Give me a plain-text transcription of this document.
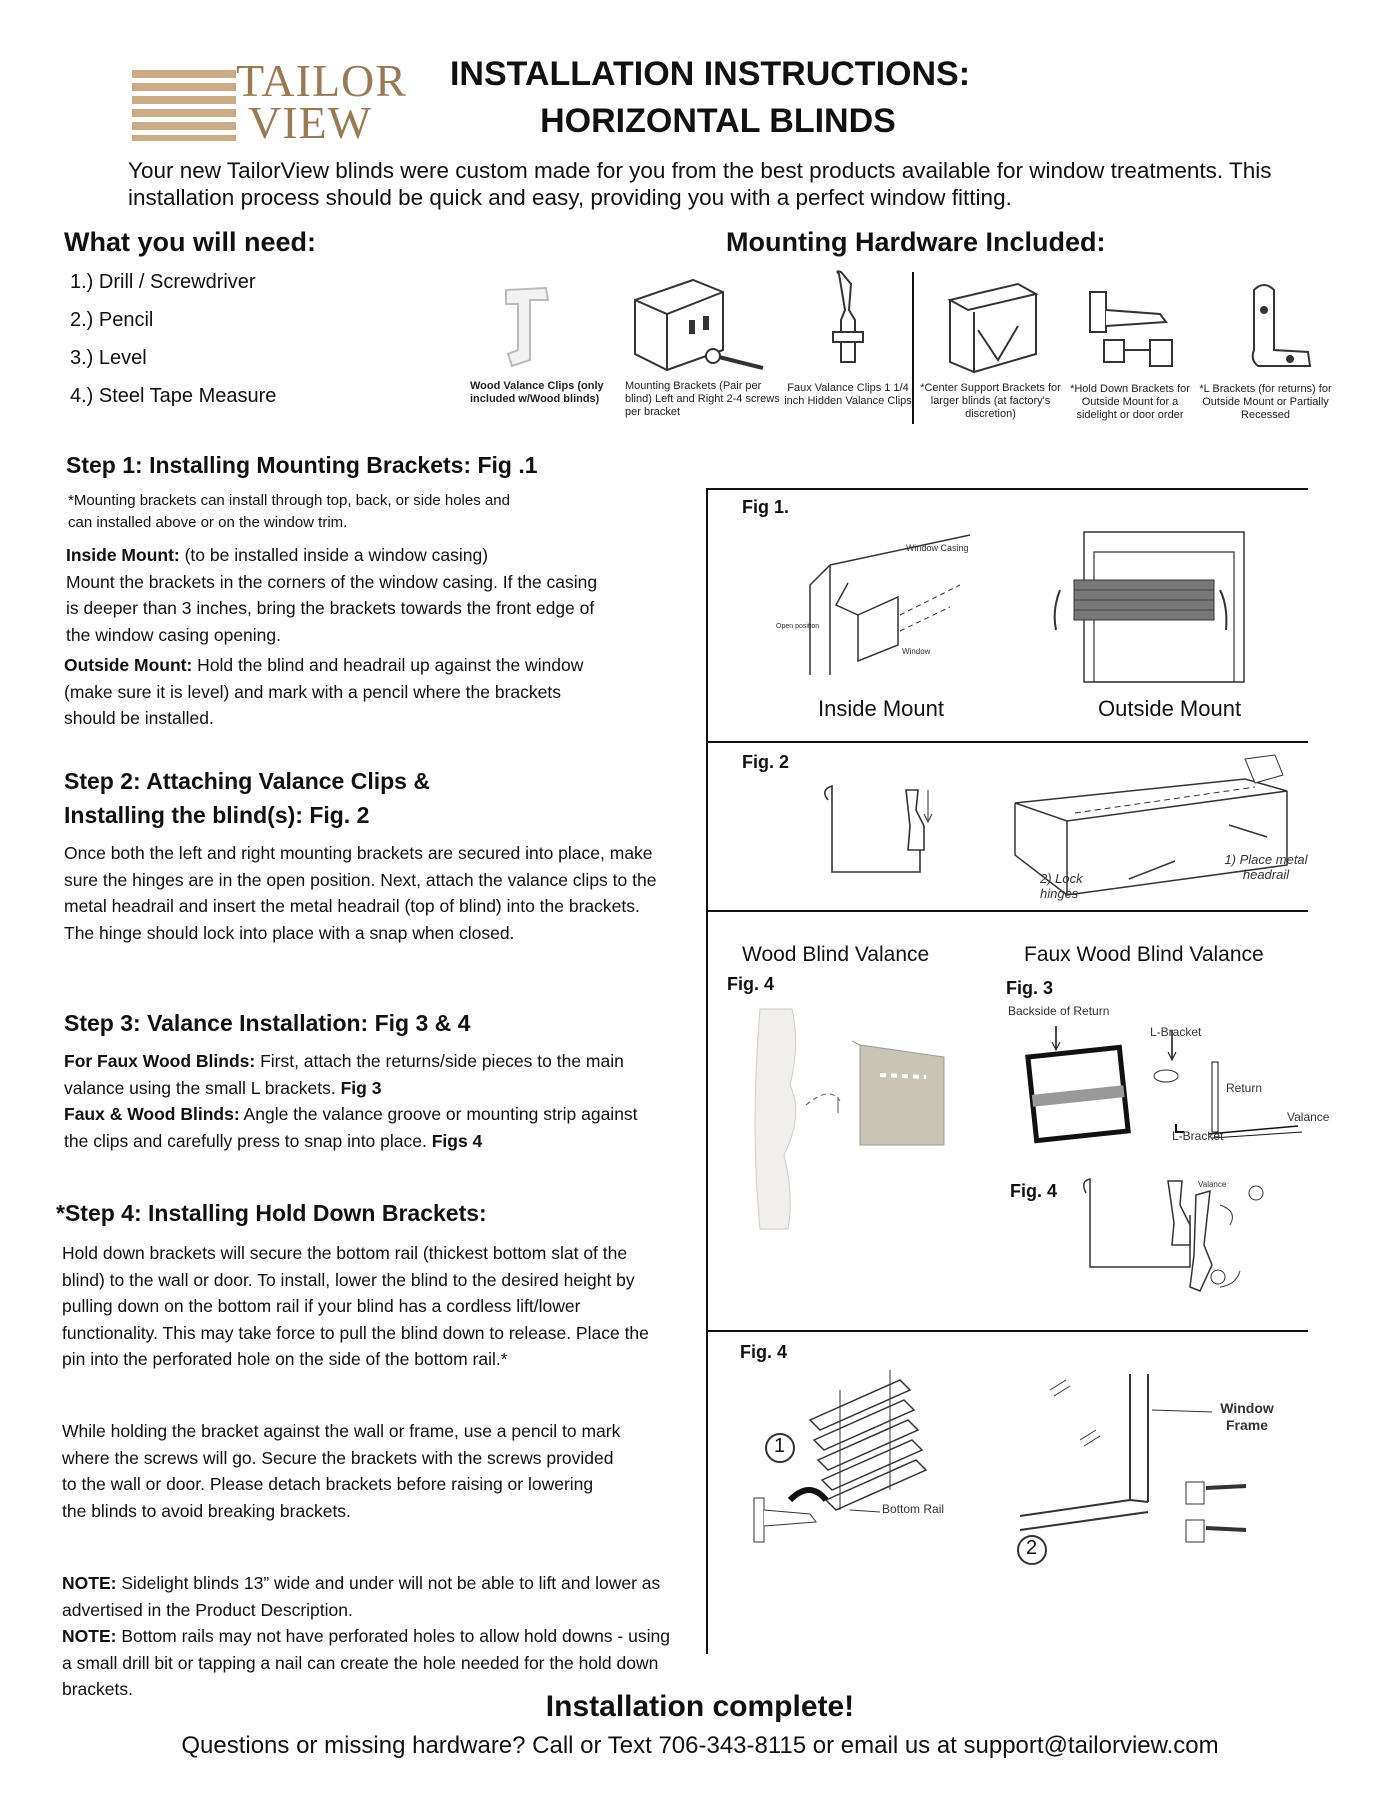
TAILOR
VIEW
INSTALLATION INSTRUCTIONS:
HORIZONTAL BLINDS
Your new TailorView blinds were custom made for you from the best products available for window treatments. This installation process should be quick and easy, providing you with a perfect window fitting.
What you will need:
1.) Drill / Screwdriver
2.) Pencil
3.) Level
4.) Steel Tape Measure
Mounting Hardware Included:
Wood Valance Clips (only included w/Wood blinds)
Mounting Brackets (Pair per blind) Left and Right 2-4 screws per bracket
Faux Valance Clips 1 1/4 inch Hidden Valance Clips
*Center Support Brackets for larger blinds (at factory's discretion)
*Hold Down Brackets for Outside Mount for a sidelight or door order
*L Brackets (for returns) for Outside Mount or Partially Recessed
Step 1: Installing Mounting Brackets: Fig .1
*Mounting brackets can install through top, back, or side holes and can installed above or on the window trim.
Inside Mount: (to be installed inside a window casing)
Mount the brackets in the corners of the window casing. If the casing is deeper than 3 inches, bring the brackets towards the front edge of the window casing opening.
Outside Mount: Hold the blind and headrail up against the window (make sure it is level) and mark with a pencil where the brackets should be installed.
Step 2: Attaching Valance Clips &
Installing the blind(s): Fig. 2
Once both the left and right mounting brackets are secured into place, make sure the hinges are in the open position. Next, attach the valance clips to the metal headrail and insert the metal headrail (top of blind) into the brackets. The hinge should lock into place with a snap when closed.
Step 3: Valance Installation: Fig 3 & 4
For Faux Wood Blinds: First, attach the returns/side pieces to the main valance using the small L brackets. Fig 3
Faux & Wood Blinds: Angle the valance groove or mounting strip against the clips and carefully press to snap into place. Figs 4
*Step 4: Installing Hold Down Brackets:
Hold down brackets will secure the bottom rail (thickest bottom slat of the blind) to the wall or door. To install, lower the blind to the desired height by pulling down on the bottom rail if your blind has a cordless lift/lower functionality. This may take force to pull the blind down to release. Place the pin into the perforated hole on the side of the bottom rail.*
While holding the bracket against the wall or frame, use a pencil to mark where the screws will go. Secure the brackets with the screws provided to the wall or door. Please detach brackets before raising or lowering the blinds to avoid breaking brackets.
NOTE: Sidelight blinds 13” wide and under will not be able to lift and lower as advertised in the Product Description.
NOTE: Bottom rails may not have perforated holes to allow hold downs - using a small drill bit or tapping a nail can create the hole needed for the hold down brackets.
Fig 1.
Window Casing
Open position
Window
Inside Mount	Outside Mount
Fig. 2
2) Lock hinges
1) Place metal headrail
Wood Blind Valance	Faux Wood Blind Valance
Fig. 4	Fig. 3
Backside of Return
L-Bracket
Return
Valance
L-Bracket
Fig. 4	Valance
Fig. 4
1
Bottom Rail
Window Frame
2
Installation complete!
Questions or missing hardware? Call or Text 706-343-8115 or email us at support@tailorview.com
